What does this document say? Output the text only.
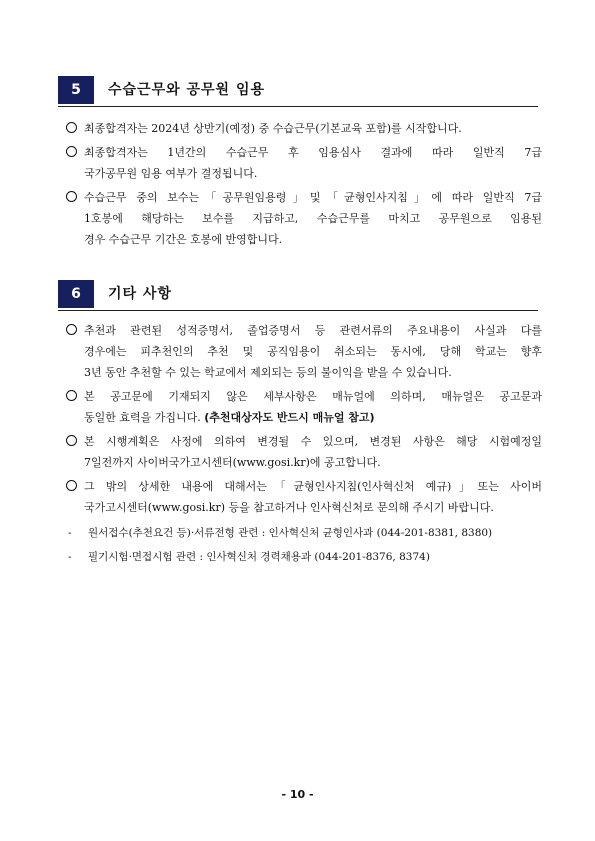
5	수습근무와 공무원 임용
최종합격자는 2024년 상반기(예정) 중 수습근무(기본교육 포함)를 시작합니다.
최종합격자는 1년간의 수습근무 후 임용심사 결과에 따라 일반직 7급
국가공무원 임용 여부가 결정됩니다.
수습근무 중의 보수는「공무원임용령」및「균형인사지침」에 따라 일반직 7급
1호봉에 해당하는 보수를 지급하고, 수습근무를 마치고 공무원으로 임용된
경우 수습근무 기간은 호봉에 반영합니다.
6	기타 사항
추천과 관련된 성적증명서, 졸업증명서 등 관련서류의 주요내용이 사실과 다를
경우에는 피추천인의 추천 및 공직임용이 취소되는 동시에, 당해 학교는 향후
3년 동안 추천할 수 있는 학교에서 제외되는 등의 불이익을 받을 수 있습니다.
본 공고문에 기재되지 않은 세부사항은 매뉴얼에 의하며, 매뉴얼은 공고문과
동일한 효력을 가집니다. (추천대상자도 반드시 매뉴얼 참고)
본 시행계획은 사정에 의하여 변경될 수 있으며, 변경된 사항은 해당 시험예정일
7일전까지 사이버국가고시센터(www.gosi.kr)에 공고합니다.
그 밖의 상세한 내용에 대해서는「균형인사지침(인사혁신처 예규)」또는 사이버
국가고시센터(www.gosi.kr) 등을 참고하거나 인사혁신처로 문의해 주시기 바랍니다.
- 원서접수(추천요건 등)·서류전형 관련 : 인사혁신처 균형인사과 (044-201-8381, 8380)
- 필기시험·면접시험 관련 : 인사혁신처 경력채용과 (044-201-8376, 8374)
- 10 -
